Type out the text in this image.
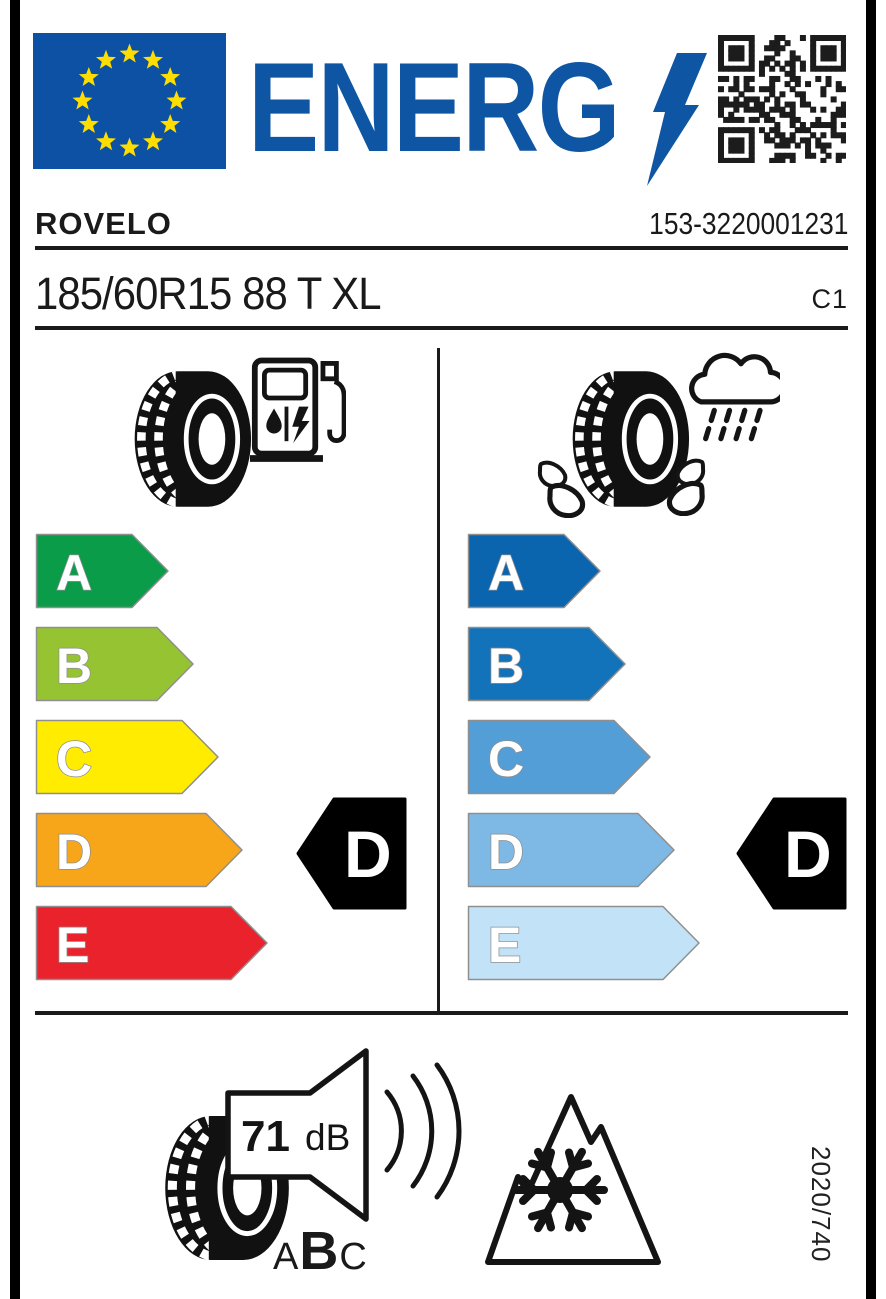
ENERG
ROVELO	153-3220001231
185/60R15 88 T XL	C1
A
B
C
D
E
D
A
B
C
D
E
D
71 dB
A B C	2020/740
